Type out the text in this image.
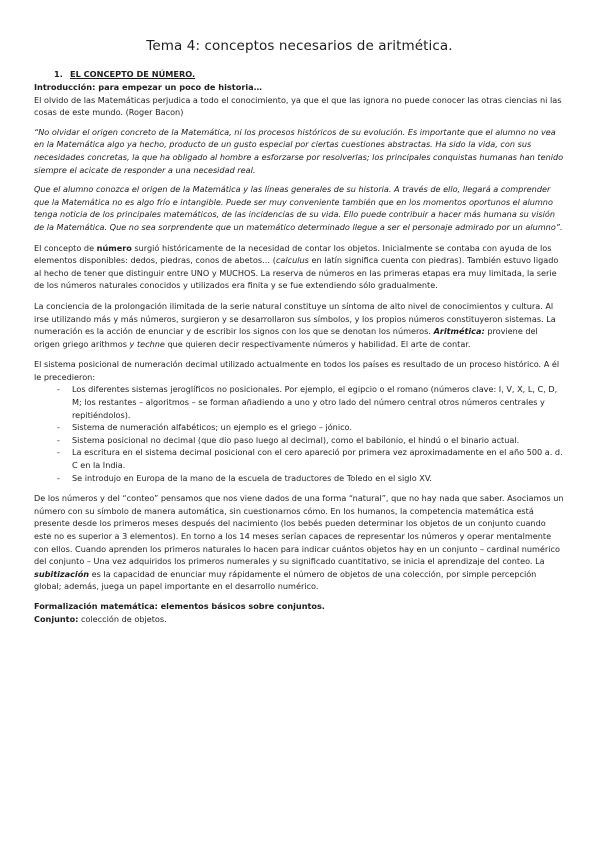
Tema 4: conceptos necesarios de aritmética.
1. EL CONCEPTO DE NÚMERO.

Introducción: para empezar un poco de historia…

El olvido de las Matemáticas perjudica a todo el conocimiento, ya que el que las ignora no puede conocer las otras ciencias ni las cosas de este mundo. (Roger Bacon)

“No olvidar el origen concreto de la Matemática, ni los procesos históricos de su evolución. Es importante que el alumno no vea en la Matemática algo ya hecho, producto de un gusto especial por ciertas cuestiones abstractas. Ha sido la vida, con sus necesidades concretas, la que ha obligado al hombre a esforzarse por resolverlas; los principales conquistas humanas han tenido siempre el acicate de responder a una necesidad real.

Que el alumno conozca el origen de la Matemática y las líneas generales de su historia. A través de ello, llegará a comprender que la Matemática no es algo frío e intangible. Puede ser muy conveniente también que en los momentos oportunos el alumno tenga noticia de los principales matemáticos, de las incidencias de su vida. Ello puede contribuir a hacer más humana su visión de la Matemática. Que no sea sorprendente que un matemático determinado llegue a ser el personaje admirado por un alumno”.

El concepto de número surgió históricamente de la necesidad de contar los objetos. Inicialmente se contaba con ayuda de los elementos disponibles: dedos, piedras, conos de abetos… (calculus en latín significa cuenta con piedras). También estuvo ligado al hecho de tener que distinguir entre UNO y MUCHOS. La reserva de números en las primeras etapas era muy limitada, la serie de los números naturales conocidos y utilizados era finita y se fue extendiendo sólo gradualmente.

La conciencia de la prolongación ilimitada de la serie natural constituye un síntoma de alto nivel de conocimientos y cultura. Al irse utilizando más y más números, surgieron y se desarrollaron sus símbolos, y los propios números constituyeron sistemas. La numeración es la acción de enunciar y de escribir los signos con los que se denotan los números. Aritmética: proviene del origen griego arithmos y techne que quieren decir respectivamente números y habilidad. El arte de contar.

El sistema posicional de numeración decimal utilizado actualmente en todos los países es resultado de un proceso histórico. A él le precedieron:

- Los diferentes sistemas jeroglíficos no posicionales. Por ejemplo, el egipcio o el romano (números clave: I, V, X, L, C, D, M; los restantes – algoritmos – se forman añadiendo a uno y otro lado del número central otros números centrales y repitiéndolos).
- Sistema de numeración alfabéticos; un ejemplo es el griego – jónico.
- Sistema posicional no decimal (que dio paso luego al decimal), como el babilonio, el hindú o el binario actual.
- La escritura en el sistema decimal posicional con el cero apareció por primera vez aproximadamente en el año 500 a. d. C en la India.
- Se introdujo en Europa de la mano de la escuela de traductores de Toledo en el siglo XV.

De los números y del “conteo” pensamos que nos viene dados de una forma “natural”, que no hay nada que saber. Asociamos un número con su símbolo de manera automática, sin cuestionarnos cómo. En los humanos, la competencia matemática está presente desde los primeros meses después del nacimiento (los bebés pueden determinar los objetos de un conjunto cuando este no es superior a 3 elementos). En torno a los 14 meses serían capaces de representar los números y operar mentalmente con ellos. Cuando aprenden los primeros naturales lo hacen para indicar cuántos objetos hay en un conjunto – cardinal numérico del conjunto – Una vez adquiridos los primeros numerales y su significado cuantitativo, se inicia el aprendizaje del conteo. La subitización es la capacidad de enunciar muy rápidamente el número de objetos de una colección, por simple percepción global; además, juega un papel importante en el desarrollo numérico.

Formalización matemática: elementos básicos sobre conjuntos.

Conjunto: colección de objetos.
